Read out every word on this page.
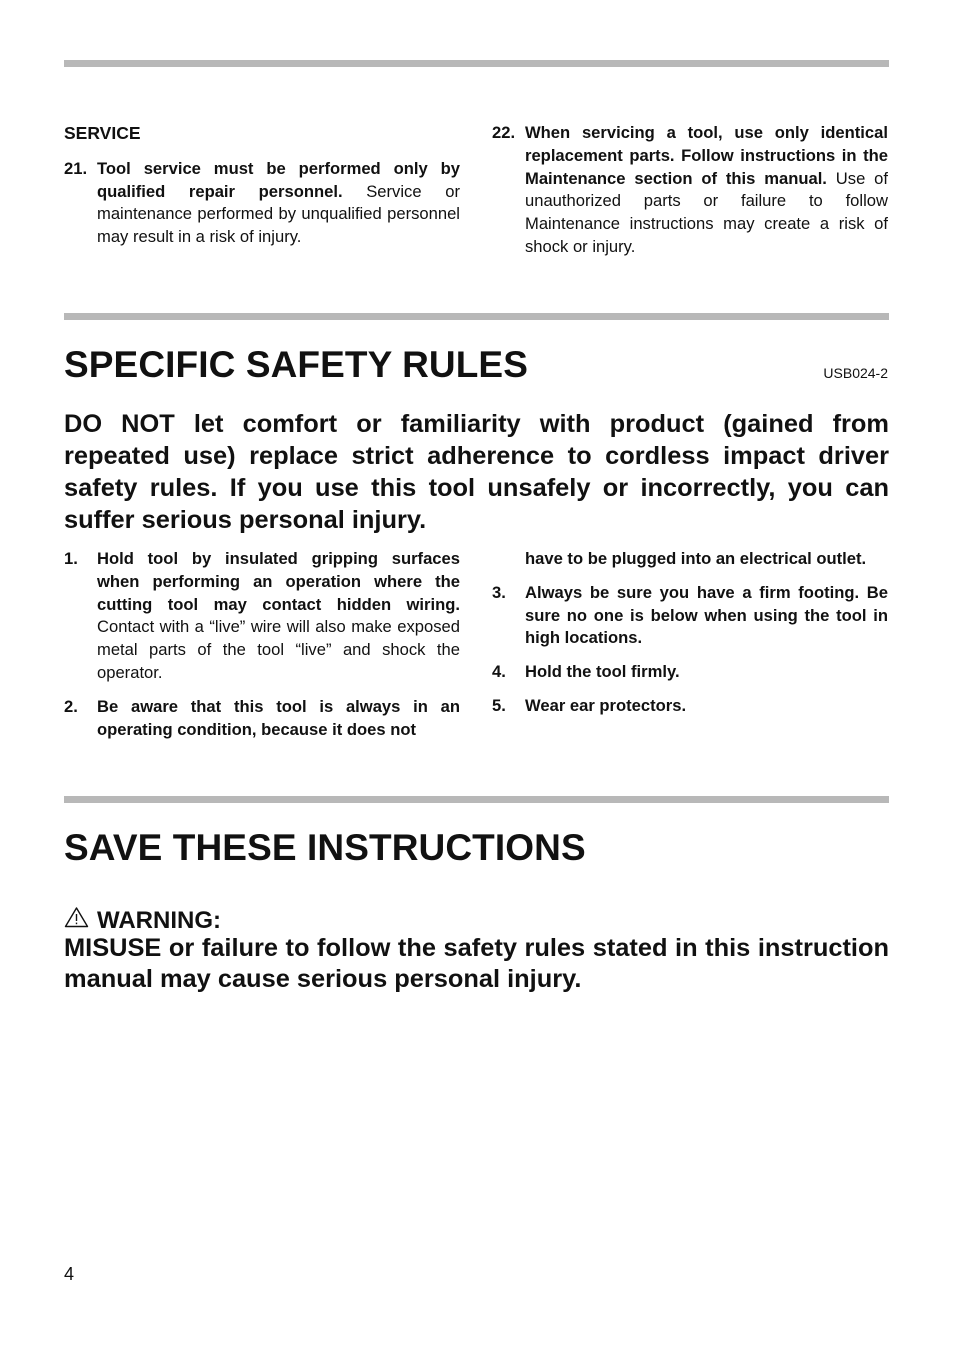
SERVICE
21. Tool service must be performed only by qualified repair personnel. Service or maintenance performed by unqualified personnel may result in a risk of injury.
22. When servicing a tool, use only identical replacement parts. Follow instructions in the Maintenance section of this manual. Use of unauthorized parts or failure to follow Maintenance instructions may create a risk of shock or injury.
SPECIFIC SAFETY RULES	USB024-2
DO NOT let comfort or familiarity with product (gained from repeated use) replace strict adherence to cordless impact driver safety rules. If you use this tool unsafely or incorrectly, you can suffer serious personal injury.
1. Hold tool by insulated gripping surfaces when performing an operation where the cutting tool may contact hidden wiring. Contact with a “live” wire will also make exposed metal parts of the tool “live” and shock the operator.
2. Be aware that this tool is always in an operating condition, because it does not
have to be plugged into an electrical outlet.
3. Always be sure you have a firm footing. Be sure no one is below when using the tool in high locations.
4. Hold the tool firmly.
5. Wear ear protectors.
SAVE THESE INSTRUCTIONS
WARNING:
MISUSE or failure to follow the safety rules stated in this instruction manual may cause serious personal injury.
4
